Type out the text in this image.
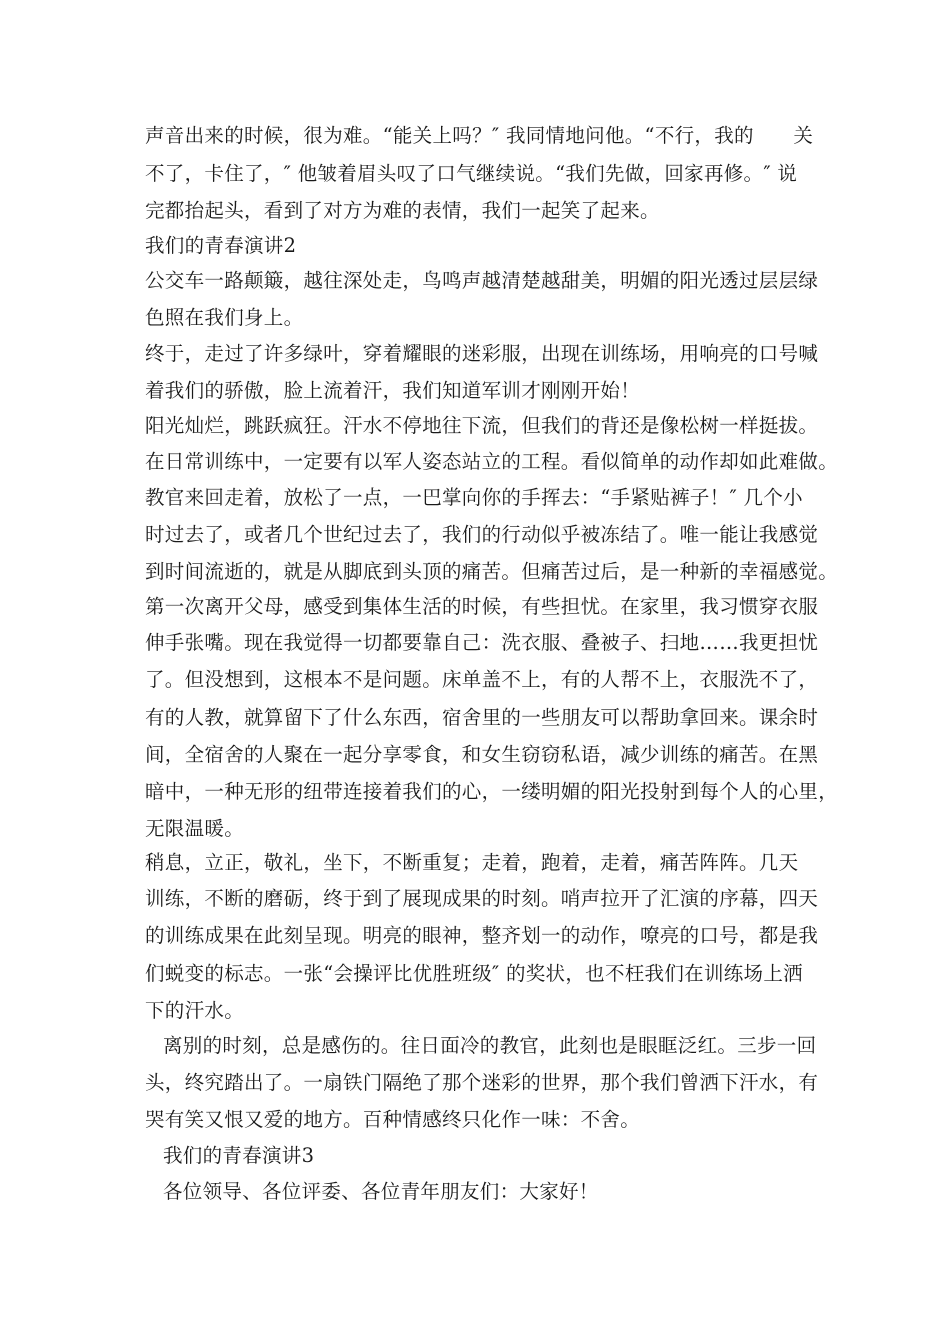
声音出来的时候，很为难。“能关上吗？″ 我同情地问他。“不行，我的　　关
不了，卡住了，″ 他皱着眉头叹了口气继续说。“我们先做，回家再修。″ 说
完都抬起头，看到了对方为难的表情，我们一起笑了起来。
我们的青春演讲2
公交车一路颠簸，越往深处走，鸟鸣声越清楚越甜美，明媚的阳光透过层层绿
色照在我们身上。
终于，走过了许多绿叶，穿着耀眼的迷彩服，出现在训练场，用响亮的口号喊
着我们的骄傲，脸上流着汗，我们知道军训才刚刚开始！
阳光灿烂，跳跃疯狂。汗水不停地往下流，但我们的背还是像松树一样挺拔。
在日常训练中，一定要有以军人姿态站立的工程。看似简单的动作却如此难做。
教官来回走着，放松了一点，一巴掌向你的手挥去：“手紧贴裤子！″ 几个小
时过去了，或者几个世纪过去了，我们的行动似乎被冻结了。唯一能让我感觉
到时间流逝的，就是从脚底到头顶的痛苦。但痛苦过后，是一种新的幸福感觉。
第一次离开父母，感受到集体生活的时候，有些担忧。在家里，我习惯穿衣服
伸手张嘴。现在我觉得一切都要靠自己：洗衣服、叠被子、扫地……我更担忧
了。但没想到，这根本不是问题。床单盖不上，有的人帮不上，衣服洗不了，
有的人教，就算留下了什么东西，宿舍里的一些朋友可以帮助拿回来。课余时
间，全宿舍的人聚在一起分享零食，和女生窃窃私语，减少训练的痛苦。在黑
暗中，一种无形的纽带连接着我们的心，一缕明媚的阳光投射到每个人的心里，
无限温暖。
稍息，立正，敬礼，坐下，不断重复；走着，跑着，走着，痛苦阵阵。几天
训练，不断的磨砺，终于到了展现成果的时刻。哨声拉开了汇演的序幕，四天
的训练成果在此刻呈现。明亮的眼神，整齐划一的动作，嘹亮的口号，都是我
们蜕变的标志。一张“会操评比优胜班级″ 的奖状，也不枉我们在训练场上洒
下的汗水。
离别的时刻，总是感伤的。往日面冷的教官，此刻也是眼眶泛红。三步一回
头，终究踏出了。一扇铁门隔绝了那个迷彩的世界，那个我们曾洒下汗水，有
哭有笑又恨又爱的地方。百种情感终只化作一味：不舍。
我们的青春演讲3
各位领导、各位评委、各位青年朋友们：大家好！
